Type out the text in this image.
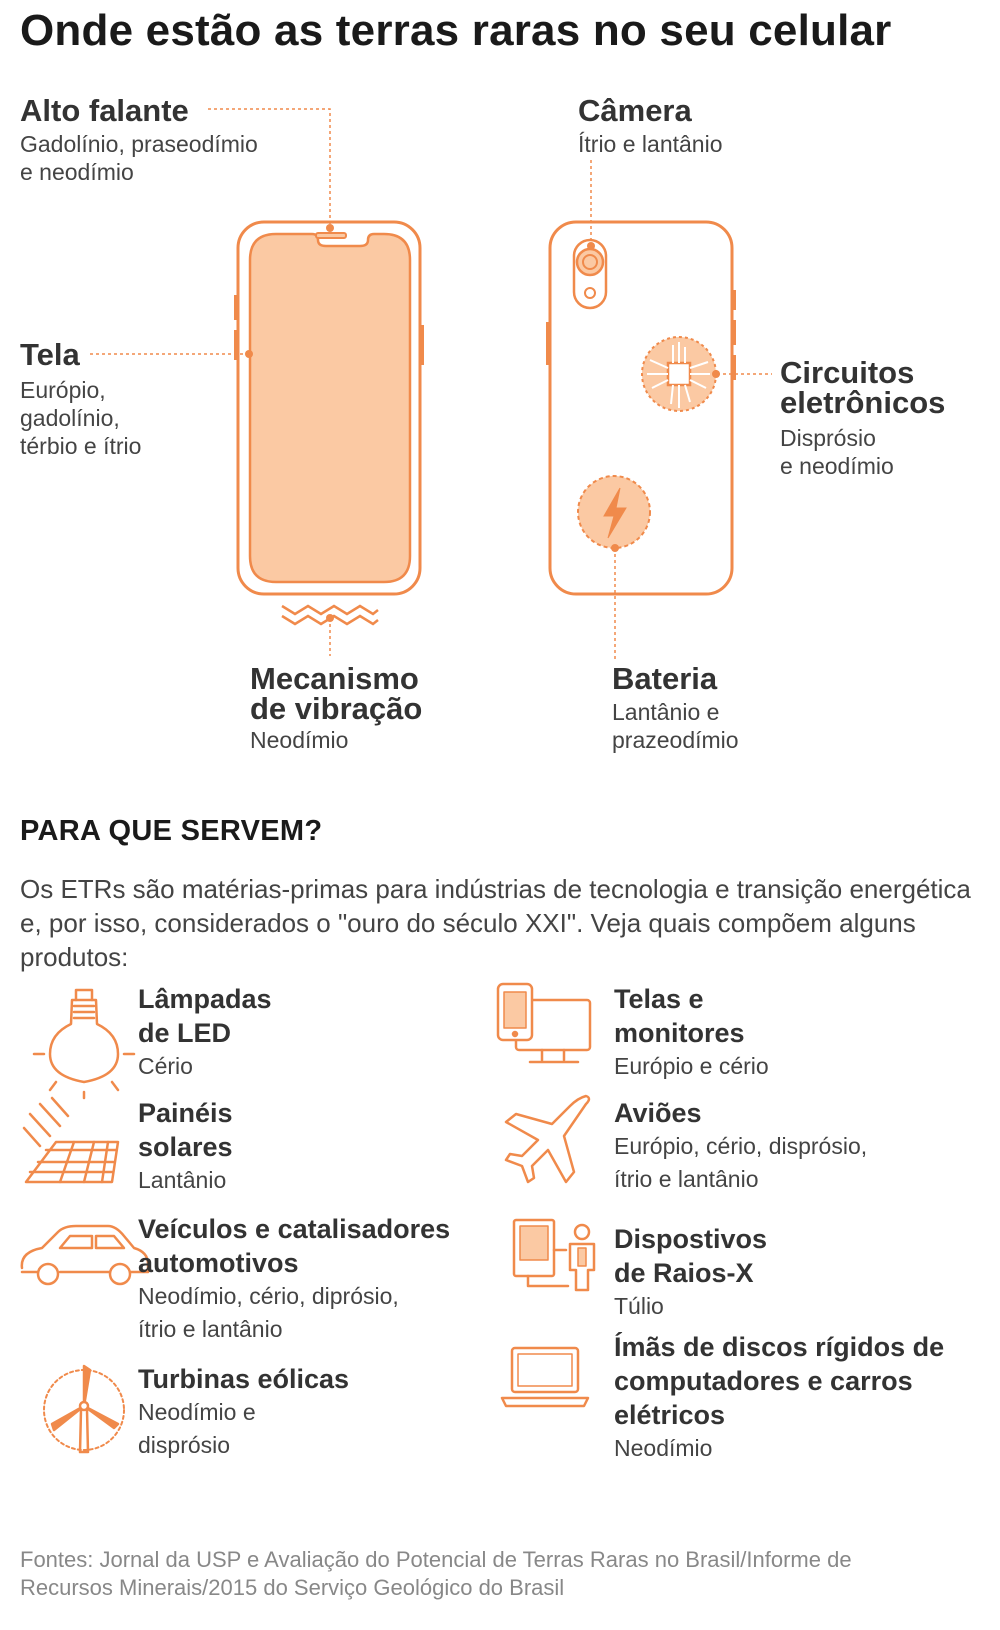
Onde estão as terras raras no seu celular
Alto falante
Gadolínio, praseodímio
e neodímio
Câmera
Ítrio e lantânio
Tela
Európio,
gadolínio,
térbio e ítrio
Circuitos
eletrônicos
Disprósio
e neodímio
Mecanismo
de vibração
Neodímio
Bateria
Lantânio e
prazeodímio
PARA QUE SERVEM?
Os ETRs são matérias-primas para indústrias de tecnologia e transição energética e, por isso, considerados o "ouro do século XXI". Veja quais compõem alguns produtos:
Lâmpadas
de LED
Cério
Painéis
solares
Lantânio
Veículos e catalisadores
automotivos
Neodímio, cério, diprósio,
ítrio e lantânio
Turbinas eólicas
Neodímio e
disprósio
Telas e
monitores
Európio e cério
Aviões
Európio, cério, disprósio,
ítrio e lantânio
Dispostivos
de Raios-X
Túlio
Ímãs de discos rígidos de
computadores e carros
elétricos
Neodímio
Fontes: Jornal da USP e Avaliação do Potencial de Terras Raras no Brasil/Informe de
Recursos Minerais/2015 do Serviço Geológico do Brasil
